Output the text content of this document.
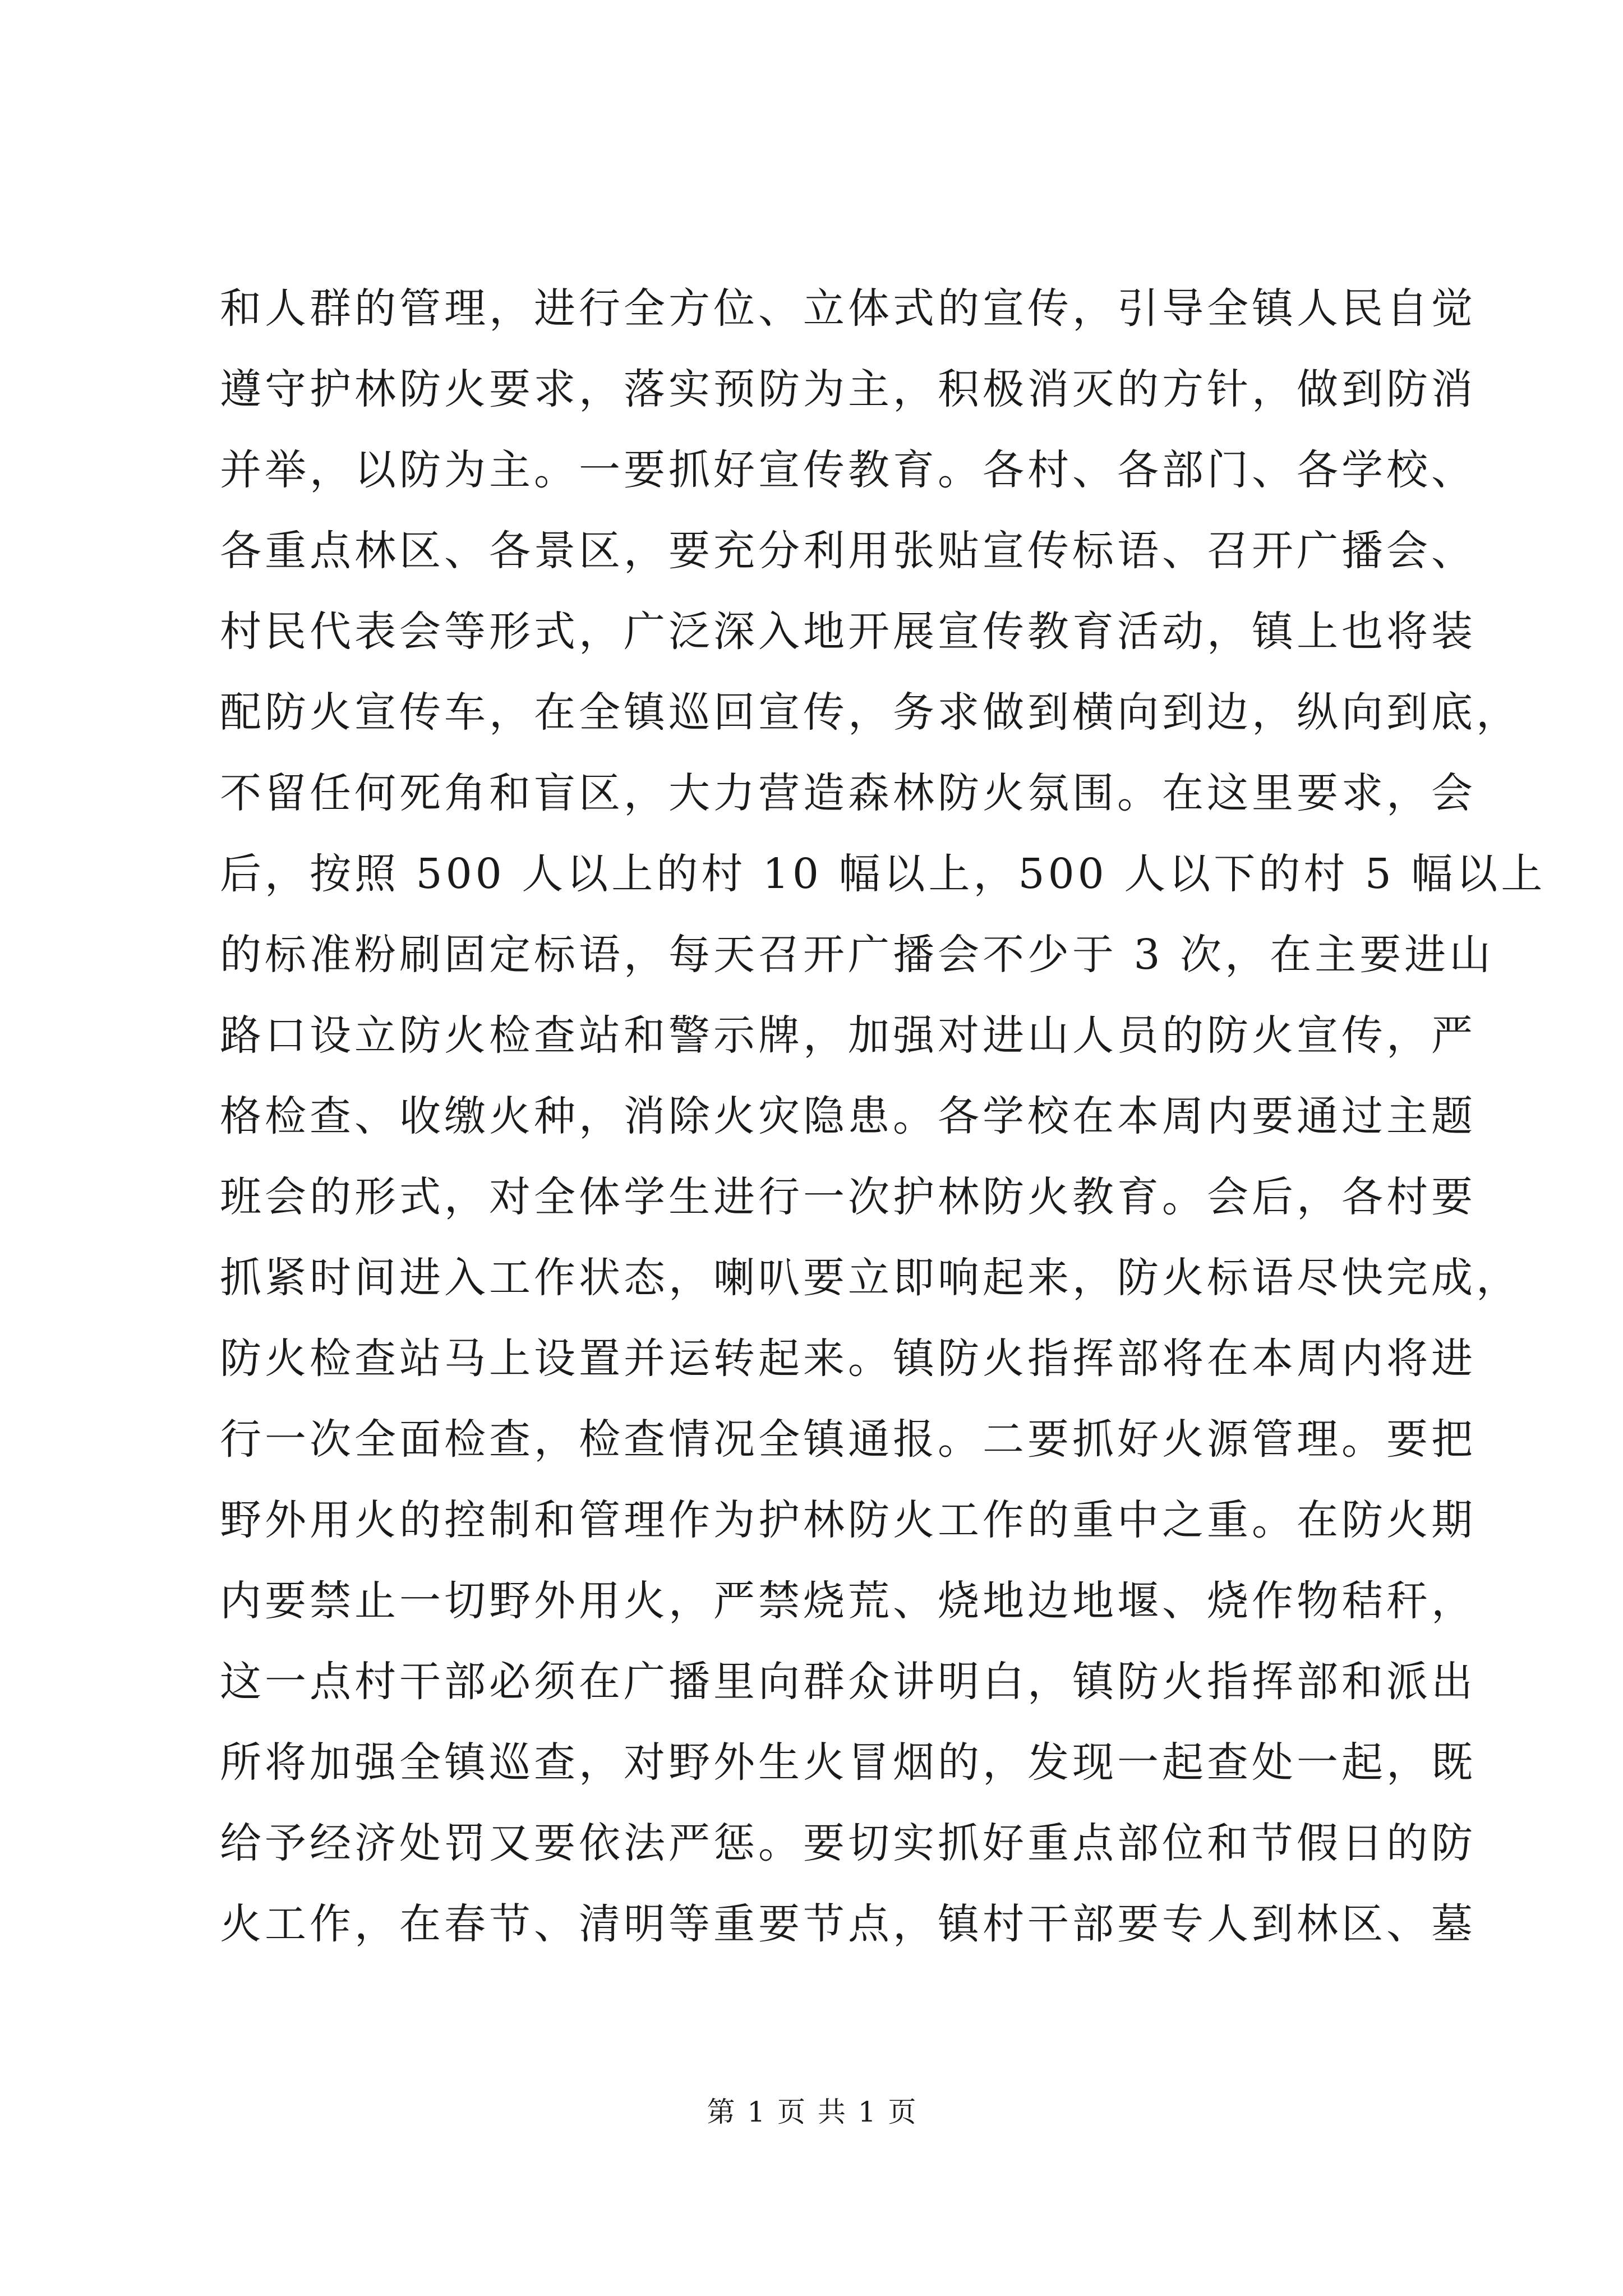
和人群的管理，进行全方位、立体式的宣传，引导全镇人民自觉
遵守护林防火要求，落实预防为主，积极消灭的方针，做到防消
并举，以防为主。一要抓好宣传教育。各村、各部门、各学校、
各重点林区、各景区，要充分利用张贴宣传标语、召开广播会、
村民代表会等形式，广泛深入地开展宣传教育活动，镇上也将装
配防火宣传车，在全镇巡回宣传，务求做到横向到边，纵向到底，
不留任何死角和盲区，大力营造森林防火氛围。在这里要求，会
后，按照 500 人以上的村 10 幅以上，500 人以下的村 5 幅以上
的标准粉刷固定标语，每天召开广播会不少于 3 次，在主要进山
路口设立防火检查站和警示牌，加强对进山人员的防火宣传，严
格检查、收缴火种，消除火灾隐患。各学校在本周内要通过主题
班会的形式，对全体学生进行一次护林防火教育。会后，各村要
抓紧时间进入工作状态，喇叭要立即响起来，防火标语尽快完成，
防火检查站马上设置并运转起来。镇防火指挥部将在本周内将进
行一次全面检查，检查情况全镇通报。二要抓好火源管理。要把
野外用火的控制和管理作为护林防火工作的重中之重。在防火期
内要禁止一切野外用火，严禁烧荒、烧地边地堰、烧作物秸秆，
这一点村干部必须在广播里向群众讲明白，镇防火指挥部和派出
所将加强全镇巡查，对野外生火冒烟的，发现一起查处一起，既
给予经济处罚又要依法严惩。要切实抓好重点部位和节假日的防
火工作，在春节、清明等重要节点，镇村干部要专人到林区、墓
第 1 页 共 1 页
